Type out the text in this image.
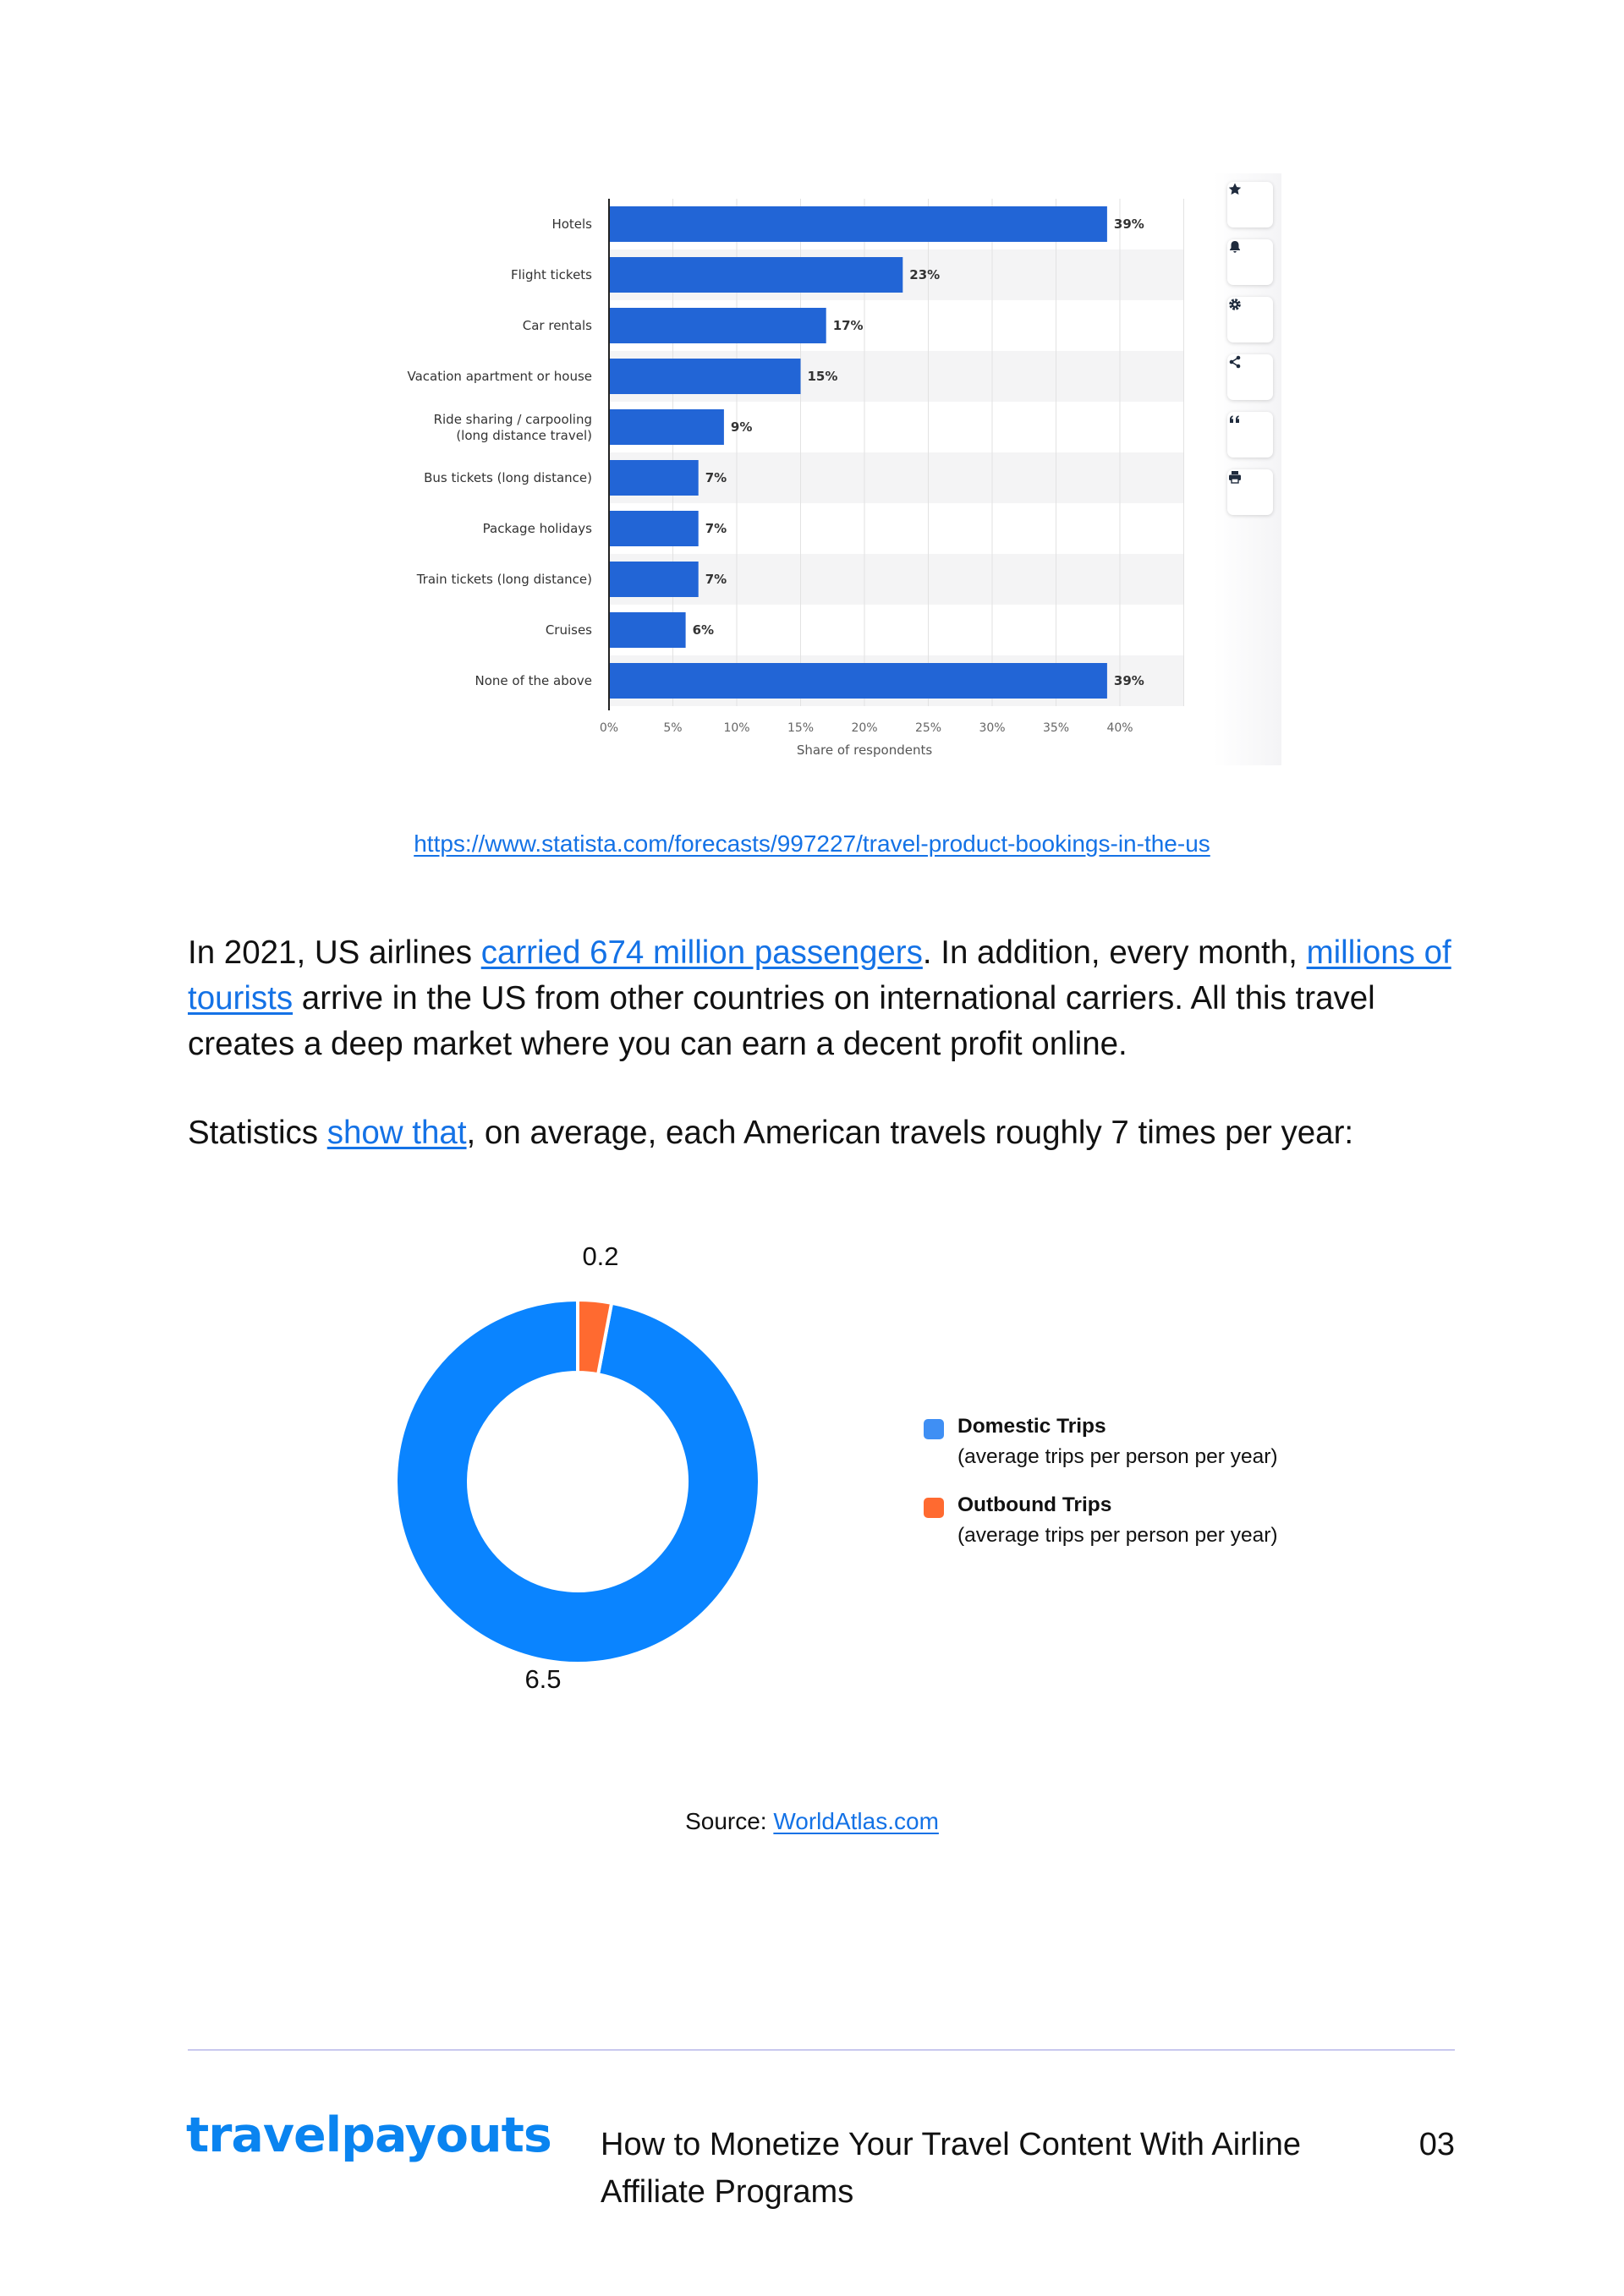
39%
Hotels
23%
Flight tickets
17%
Car rentals
15%
Vacation apartment or house
9%
Ride sharing / carpooling
(long distance travel)
7%
Bus tickets (long distance)
7%
Package holidays
7%
Train tickets (long distance)
6%
Cruises
39%
None of the above
0%	5%	10%	15%	20%	25%	30%	35%	40%
Share of respondents
https://www.statista.com/forecasts/997227/travel-product-bookings-in-the-us
In 2021, US airlines carried 674 million passengers. In addition, every month, millions of tourists arrive in the US from other countries on international carriers. All this travel creates a deep market where you can earn a decent profit online.
Statistics show that, on average, each American travels roughly 7 times per year:
0.2
6.5
Domestic Trips
(average trips per person per year)
Outbound Trips
(average trips per person per year)
Source: WorldAtlas.com
travelpayouts How to Monetize Your Travel Content With Airline Affiliate Programs
03
